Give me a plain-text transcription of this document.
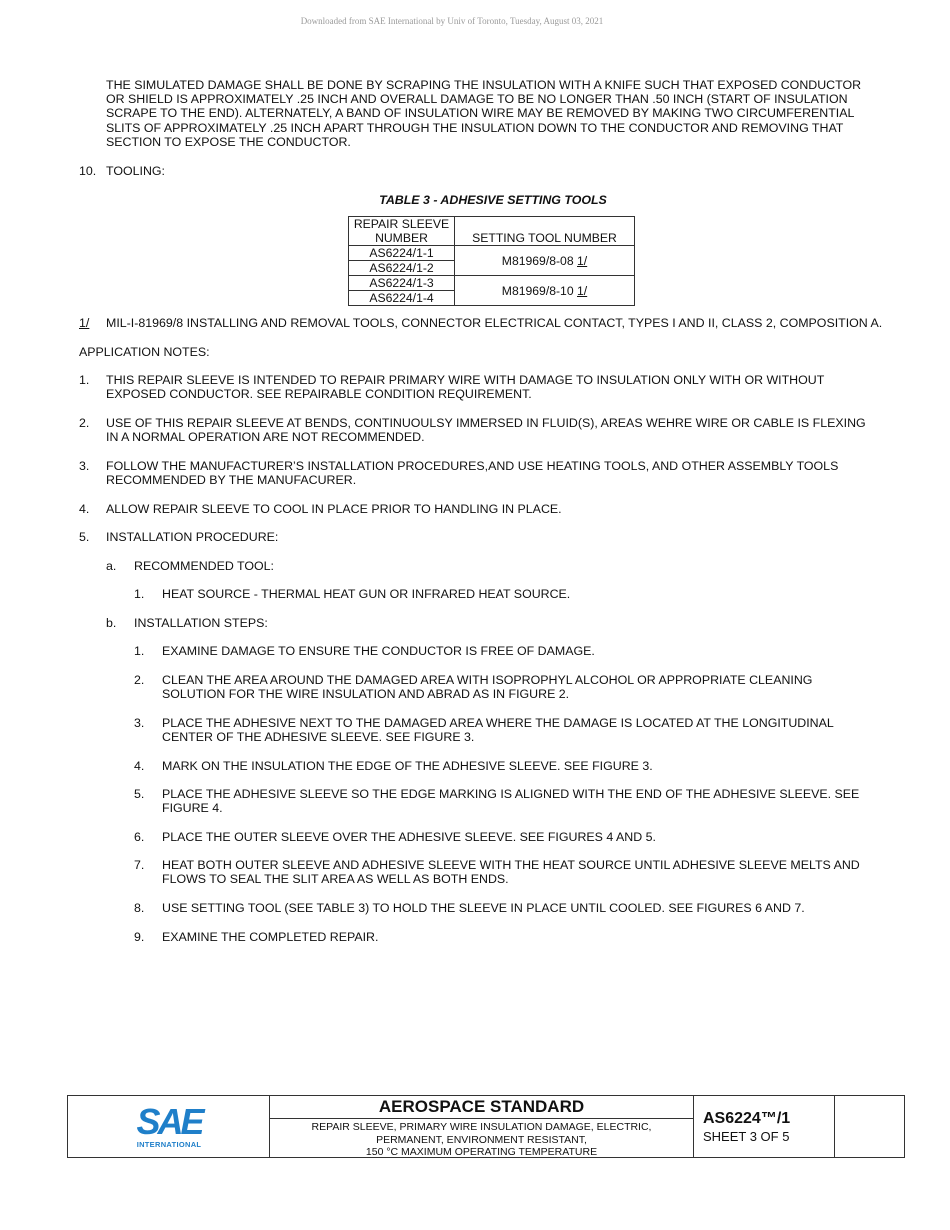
Downloaded from SAE International by Univ of Toronto, Tuesday, August 03, 2021
THE SIMULATED DAMAGE SHALL BE DONE BY SCRAPING THE INSULATION WITH A KNIFE SUCH THAT EXPOSED CONDUCTOR
OR SHIELD IS APPROXIMATELY .25 INCH AND OVERALL DAMAGE TO BE NO LONGER THAN .50 INCH (START OF INSULATION
SCRAPE TO THE END). ALTERNATELY, A BAND OF INSULATION WIRE MAY BE REMOVED BY MAKING TWO CIRCUMFERENTIAL
SLITS OF APPROXIMATELY .25 INCH APART THROUGH THE INSULATION DOWN TO THE CONDUCTOR AND REMOVING THAT
SECTION TO EXPOSE THE CONDUCTOR.
10. TOOLING:
TABLE 3 - ADHESIVE SETTING TOOLS
REPAIR SLEEVE
NUMBER	SETTING TOOL NUMBER
AS6224/1-1	M81969/8-08 1/
AS6224/1-2	
AS6224/1-3	M81969/8-10 1/
AS6224/1-4	
1/ MIL-I-81969/8 INSTALLING AND REMOVAL TOOLS, CONNECTOR ELECTRICAL CONTACT, TYPES I AND II, CLASS 2, COMPOSITION A.
APPLICATION NOTES:
1. THIS REPAIR SLEEVE IS INTENDED TO REPAIR PRIMARY WIRE WITH DAMAGE TO INSULATION ONLY WITH OR WITHOUT
EXPOSED CONDUCTOR. SEE REPAIRABLE CONDITION REQUIREMENT.
2. USE OF THIS REPAIR SLEEVE AT BENDS, CONTINUOULSY IMMERSED IN FLUID(S), AREAS WEHRE WIRE OR CABLE IS FLEXING
IN A NORMAL OPERATION ARE NOT RECOMMENDED.
3. FOLLOW THE MANUFACTURER’S INSTALLATION PROCEDURES,AND USE HEATING TOOLS, AND OTHER ASSEMBLY TOOLS
RECOMMENDED BY THE MANUFACURER.
4. ALLOW REPAIR SLEEVE TO COOL IN PLACE PRIOR TO HANDLING IN PLACE.
5. INSTALLATION PROCEDURE:
a. RECOMMENDED TOOL:
1. HEAT SOURCE - THERMAL HEAT GUN OR INFRARED HEAT SOURCE.
b. INSTALLATION STEPS:
1. EXAMINE DAMAGE TO ENSURE THE CONDUCTOR IS FREE OF DAMAGE.
2. CLEAN THE AREA AROUND THE DAMAGED AREA WITH ISOPROPHYL ALCOHOL OR APPROPRIATE CLEANING
SOLUTION FOR THE WIRE INSULATION AND ABRAD AS IN FIGURE 2.
3. PLACE THE ADHESIVE NEXT TO THE DAMAGED AREA WHERE THE DAMAGE IS LOCATED AT THE LONGITUDINAL
CENTER OF THE ADHESIVE SLEEVE. SEE FIGURE 3.
4. MARK ON THE INSULATION THE EDGE OF THE ADHESIVE SLEEVE. SEE FIGURE 3.
5. PLACE THE ADHESIVE SLEEVE SO THE EDGE MARKING IS ALIGNED WITH THE END OF THE ADHESIVE SLEEVE. SEE
FIGURE 4.
6. PLACE THE OUTER SLEEVE OVER THE ADHESIVE SLEEVE. SEE FIGURES 4 AND 5.
7. HEAT BOTH OUTER SLEEVE AND ADHESIVE SLEEVE WITH THE HEAT SOURCE UNTIL ADHESIVE SLEEVE MELTS AND
FLOWS TO SEAL THE SLIT AREA AS WELL AS BOTH ENDS.
8. USE SETTING TOOL (SEE TABLE 3) TO HOLD THE SLEEVE IN PLACE UNTIL COOLED. SEE FIGURES 6 AND 7.
9. EXAMINE THE COMPLETED REPAIR.
SAE
INTERNATIONAL
AEROSPACE STANDARD
REPAIR SLEEVE, PRIMARY WIRE INSULATION DAMAGE, ELECTRIC,
PERMANENT, ENVIRONMENT RESISTANT,
150 °C MAXIMUM OPERATING TEMPERATURE
AS6224™/1
SHEET 3 OF 5
